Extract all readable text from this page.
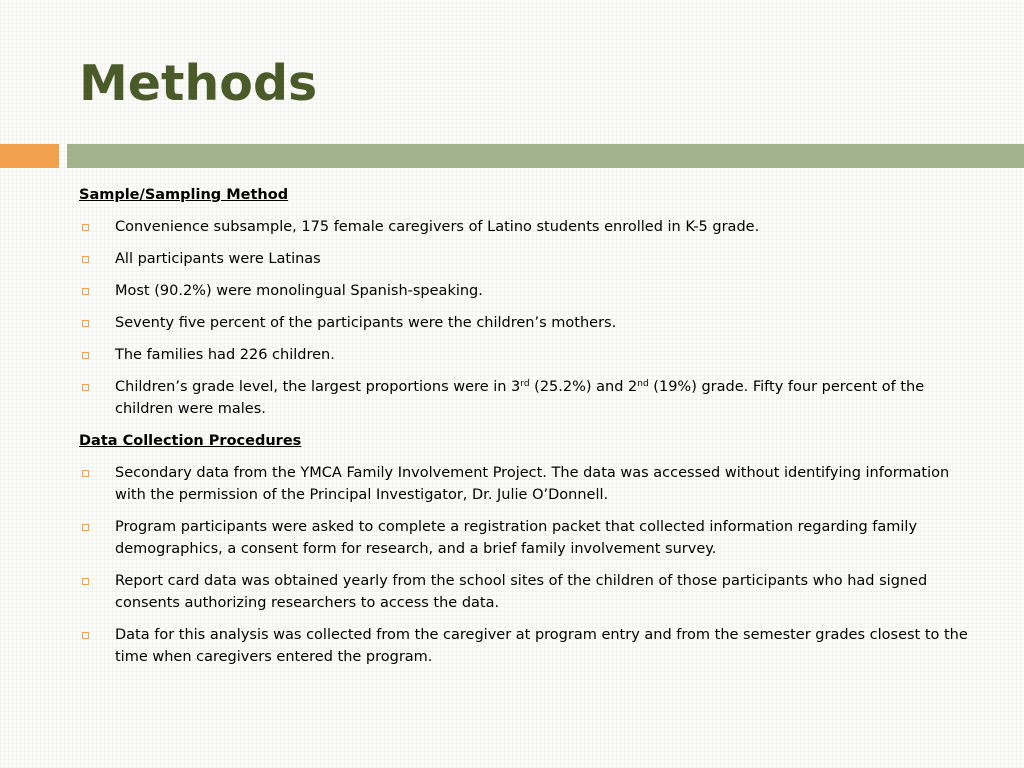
Methods
Sample/Sampling Method
Convenience subsample, 175 female caregivers of Latino students enrolled in K-5 grade.
All participants were Latinas
Most (90.2%) were monolingual Spanish-speaking.
Seventy five percent of the participants were the children’s mothers.
The families had 226 children.
Children’s grade level, the largest proportions were in 3rd (25.2%) and 2nd (19%) grade. Fifty four percent of the children were males.
Data Collection Procedures
Secondary data from the YMCA Family Involvement Project. The data was accessed without identifying information with the permission of the Principal Investigator, Dr. Julie O’Donnell.
Program participants were asked to complete a registration packet that collected information regarding family demographics, a consent form for research, and a brief family involvement survey.
Report card data was obtained yearly from the school sites of the children of those participants who had signed consents authorizing researchers to access the data.
Data for this analysis was collected from the caregiver at program entry and from the semester grades closest to the time when caregivers entered the program.
